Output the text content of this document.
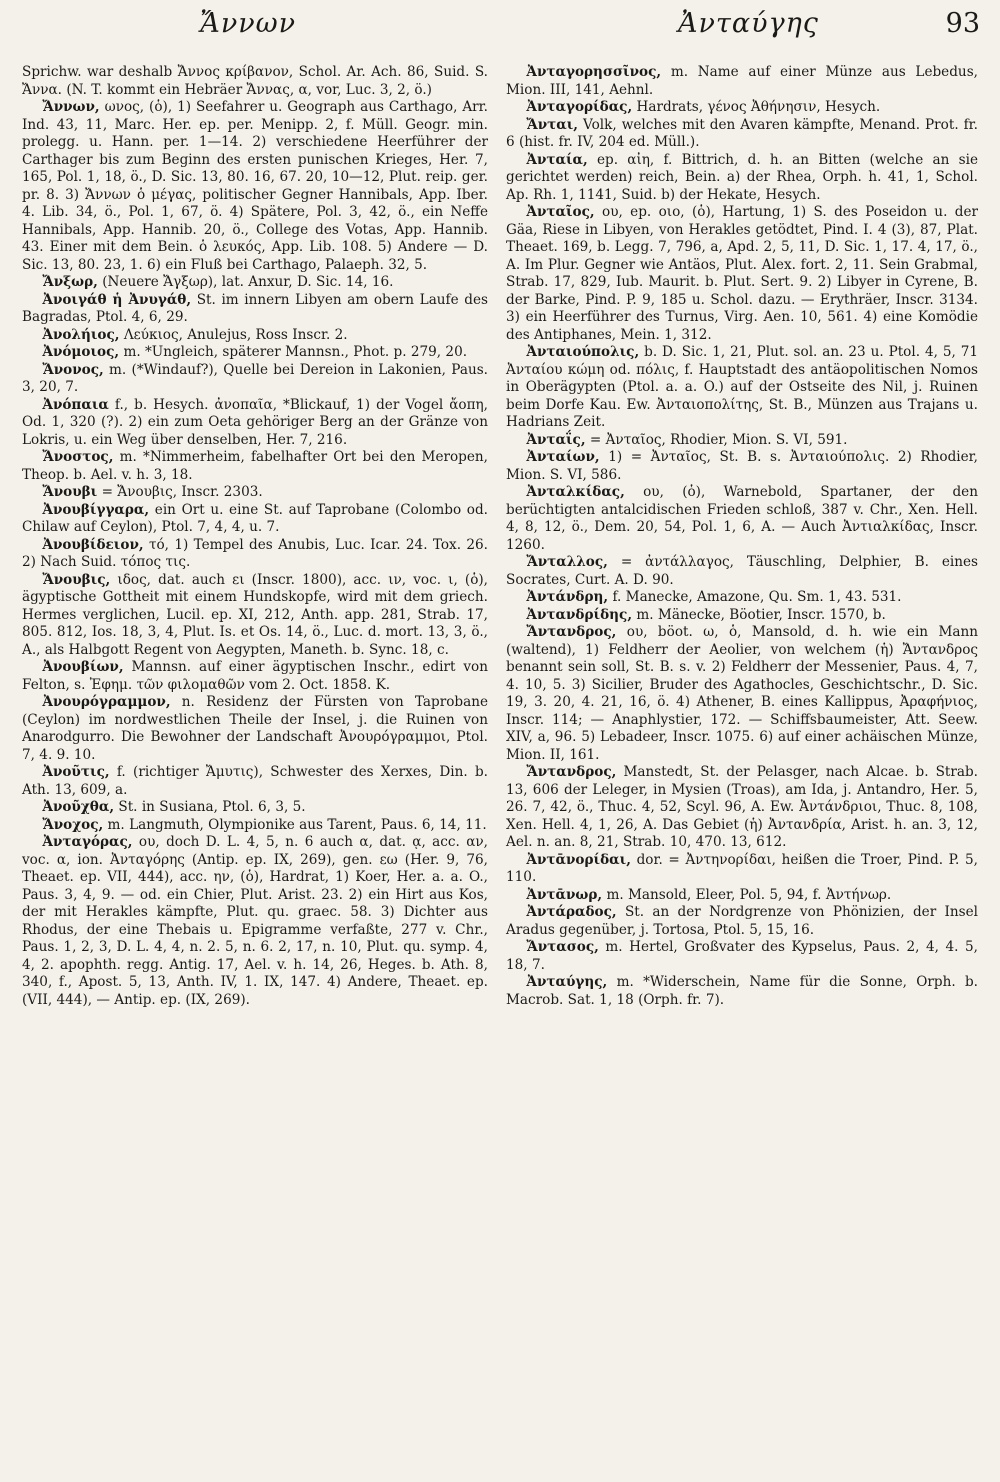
Ἄννων	Ἀνταύγης	93

Sprichw. war deshalb Ἄννος κρίβανον, Schol. Ar. Ach. 86, Suid. S. Ἄννα. (N. T. kommt ein Hebräer Ἄννας, α, vor, Luc. 3, 2, ö.)

Ἄννων, ωνος, (ὁ), 1) Seefahrer u. Geograph aus Carthago, Arr. Ind. 43, 11, Marc. Her. ep. per. Menipp. 2, f. Müll. Geogr. min. prolegg. u. Hann. per. 1—14. 2) verschiedene Heerführer der Carthager bis zum Beginn des ersten punischen Krieges, Her. 7, 165, Pol. 1, 18, ö., D. Sic. 13, 80. 16, 67. 20, 10—12, Plut. reip. ger. pr. 8. 3) Ἄννων ὁ μέγας, politischer Gegner Hannibals, App. Iber. 4. Lib. 34, ö., Pol. 1, 67, ö. 4) Spätere, Pol. 3, 42, ö., ein Neffe Hannibals, App. Hannib. 20, ö., College des Votas, App. Hannib. 43. Einer mit dem Bein. ὁ λευκός, App. Lib. 108. 5) Andere — D. Sic. 13, 80. 23, 1. 6) ein Fluß bei Carthago, Palaeph. 32, 5.

Ἄνξωρ, (Neuere Ἄγξωρ), lat. Anxur, D. Sic. 14, 16.

Ἀνοιγάθ ἡ Ἀνυγάθ, St. im innern Libyen am obern Laufe des Bagradas, Ptol. 4, 6, 29.

Ἀνολήιος, Λεύκιος, Anulejus, Ross Inscr. 2.

Ἀνόμοιος, m. *Ungleich, späterer Mannsn., Phot. p. 279, 20.

Ἄνονος, m. (*Windauf?), Quelle bei Dereion in Lakonien, Paus. 3, 20, 7.

Ἀνόπαια f., b. Hesych. ἀνοπαῖα, *Blickauf, 1) der Vogel ἄοπη, Od. 1, 320 (?). 2) ein zum Oeta gehöriger Berg an der Gränze von Lokris, u. ein Weg über denselben, Her. 7, 216.

Ἄνοστος, m. *Nimmerheim, fabelhafter Ort bei den Meropen, Theop. b. Ael. v. h. 3, 18.

Ἄνουβι = Ἄνουβις, Inscr. 2303.

Ἀνουβίγγαρα, ein Ort u. eine St. auf Taprobane (Colombo od. Chilaw auf Ceylon), Ptol. 7, 4, 4, u. 7.

Ἀνουβίδειον, τό, 1) Tempel des Anubis, Luc. Icar. 24. Tox. 26. 2) Nach Suid. τόπος τις.

Ἄνουβις, ιδος, dat. auch ει (Inscr. 1800), acc. ιν, voc. ι, (ὁ), ägyptische Gottheit mit einem Hundskopfe, wird mit dem griech. Hermes verglichen, Lucil. ep. XI, 212, Anth. app. 281, Strab. 17, 805. 812, Ios. 18, 3, 4, Plut. Is. et Os. 14, ö., Luc. d. mort. 13, 3, ö., A., als Halbgott Regent von Aegypten, Maneth. b. Sync. 18, c.

Ἀνουβίων, Mannsn. auf einer ägyptischen Inschr., edirt von Felton, s. Ἐφημ. τῶν φιλομαθῶν vom 2. Oct. 1858. K.

Ἀνουρόγραμμον, n. Residenz der Fürsten von Taprobane (Ceylon) im nordwestlichen Theile der Insel, j. die Ruinen von Anarodgurro. Die Bewohner der Landschaft Ἀνουρόγραμμοι, Ptol. 7, 4. 9. 10.

Ἀνοῦτις, f. (richtiger Ἄμυτις), Schwester des Xerxes, Din. b. Ath. 13, 609, a.

Ἀνοῦχθα, St. in Susiana, Ptol. 6, 3, 5.

Ἄνοχος, m. Langmuth, Olympionike aus Tarent, Paus. 6, 14, 11.

Ἀνταγόρας, ου, doch D. L. 4, 5, n. 6 auch α, dat. ᾳ, acc. αν, voc. α, ion. Ἀνταγόρης (Antip. ep. IX, 269), gen. εω (Her. 9, 76, Theaet. ep. VII, 444), acc. ην, (ὁ), Hardrat, 1) Koer, Her. a. a. O., Paus. 3, 4, 9. — od. ein Chier, Plut. Arist. 23. 2) ein Hirt aus Kos, der mit Herakles kämpfte, Plut. qu. graec. 58. 3) Dichter aus Rhodus, der eine Thebais u. Epigramme verfaßte, 277 v. Chr., Paus. 1, 2, 3, D. L. 4, 4, n. 2. 5, n. 6. 2, 17, n. 10, Plut. qu. symp. 4, 4, 2. apophth. regg. Antig. 17, Ael. v. h. 14, 26, Heges. b. Ath. 8, 340, f., Apost. 5, 13, Anth. IV, 1. IX, 147. 4) Andere, Theaet. ep. (VII, 444), — Antip. ep. (IX, 269).

Ἀνταγορησσῖνος, m. Name auf einer Münze aus Lebedus, Mion. III, 141, Aehnl.

Ἀνταγορίδας, Hardrats, γένος Ἀθήνησιν, Hesych.

Ἄνται, Volk, welches mit den Avaren kämpfte, Menand. Prot. fr. 6 (hist. fr. IV, 204 ed. Müll.).

Ἀνταία, ep. αἰη, f. Bittrich, d. h. an Bitten (welche an sie gerichtet werden) reich, Bein. a) der Rhea, Orph. h. 41, 1, Schol. Ap. Rh. 1, 1141, Suid. b) der Hekate, Hesych.

Ἀνταῖος, ου, ep. οιο, (ὁ), Hartung, 1) S. des Poseidon u. der Gäa, Riese in Libyen, von Herakles getödtet, Pind. I. 4 (3), 87, Plat. Theaet. 169, b. Legg. 7, 796, a, Apd. 2, 5, 11, D. Sic. 1, 17. 4, 17, ö., A. Im Plur. Gegner wie Antäos, Plut. Alex. fort. 2, 11. Sein Grabmal, Strab. 17, 829, Iub. Maurit. b. Plut. Sert. 9. 2) Libyer in Cyrene, B. der Barke, Pind. P. 9, 185 u. Schol. dazu. — Erythräer, Inscr. 3134. 3) ein Heerführer des Turnus, Virg. Aen. 10, 561. 4) eine Komödie des Antiphanes, Mein. 1, 312.

Ἀνταιούπολις, b. D. Sic. 1, 21, Plut. sol. an. 23 u. Ptol. 4, 5, 71 Ἀνταίου κώμη od. πόλις, f. Hauptstadt des antäopolitischen Nomos in Oberägypten (Ptol. a. a. O.) auf der Ostseite des Nil, j. Ruinen beim Dorfe Kau. Ew. Ἀνταιοπολίτης, St. B., Münzen aus Trajans u. Hadrians Zeit.

Ἀνταΐς, = Ἀνταῖος, Rhodier, Mion. S. VI, 591.

Ἀνταίων, 1) = Ἀνταῖος, St. B. s. Ἀνταιούπολις. 2) Rhodier, Mion. S. VI, 586.

Ἀνταλκίδας, ου, (ὁ), Warnebold, Spartaner, der den berüchtigten antalcidischen Frieden schloß, 387 v. Chr., Xen. Hell. 4, 8, 12, ö., Dem. 20, 54, Pol. 1, 6, A. — Auch Ἀντιαλκίδας, Inscr. 1260.

Ἄνταλλος, = ἀντάλλαγος, Täuschling, Delphier, B. eines Socrates, Curt. A. D. 90.

Ἀντάνδρη, f. Manecke, Amazone, Qu. Sm. 1, 43. 531.

Ἀντανδρίδης, m. Mänecke, Böotier, Inscr. 1570, b.

Ἄντανδρος, ου, böot. ω, ὁ, Mansold, d. h. wie ein Mann (waltend), 1) Feldherr der Aeolier, von welchem (ἡ) Ἄντανδρος benannt sein soll, St. B. s. v. 2) Feldherr der Messenier, Paus. 4, 7, 4. 10, 5. 3) Sicilier, Bruder des Agathocles, Geschichtschr., D. Sic. 19, 3. 20, 4. 21, 16, ö. 4) Athener, B. eines Kallippus, Ἀραφήνιος, Inscr. 114; — Anaphlystier, 172. — Schiffsbaumeister, Att. Seew. XIV, a, 96. 5) Lebadeer, Inscr. 1075. 6) auf einer achäischen Münze, Mion. II, 161.

Ἄντανδρος, Manstedt, St. der Pelasger, nach Alcae. b. Strab. 13, 606 der Leleger, in Mysien (Troas), am Ida, j. Antandro, Her. 5, 26. 7, 42, ö., Thuc. 4, 52, Scyl. 96, A. Ew. Ἀντάνδριοι, Thuc. 8, 108, Xen. Hell. 4, 1, 26, A. Das Gebiet (ἡ) Ἀντανδρία, Arist. h. an. 3, 12, Ael. n. an. 8, 21, Strab. 10, 470. 13, 612.

Ἀντᾱνορίδαι, dor. = Ἀντηνορίδαι, heißen die Troer, Pind. P. 5, 110.

Ἀντᾱνωρ, m. Mansold, Eleer, Pol. 5, 94, f. Ἀντήνωρ.

Ἀντάραδος, St. an der Nordgrenze von Phönizien, der Insel Aradus gegenüber, j. Tortosa, Ptol. 5, 15, 16.

Ἄντασος, m. Hertel, Großvater des Kypselus, Paus. 2, 4, 4. 5, 18, 7.

Ἀνταύγης, m. *Widerschein, Name für die Sonne, Orph. b. Macrob. Sat. 1, 18 (Orph. fr. 7).
